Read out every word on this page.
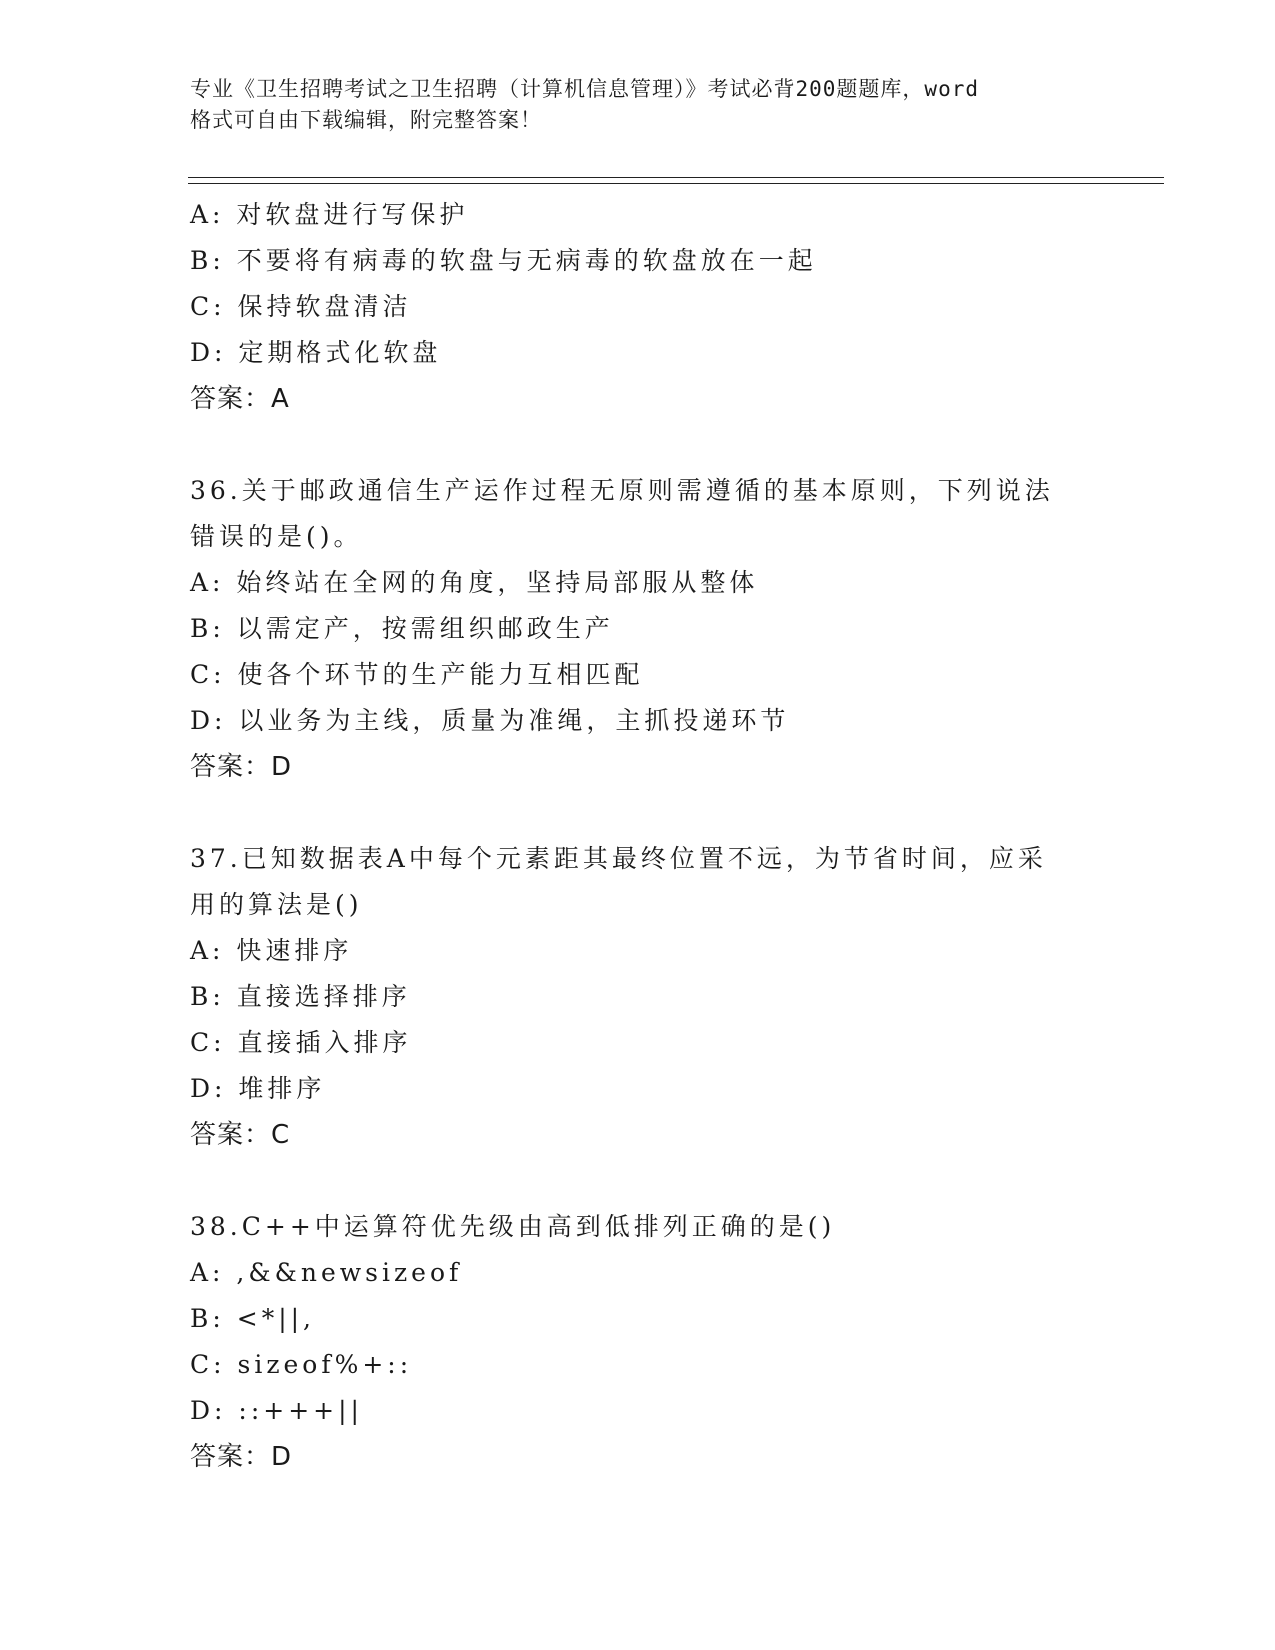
专业《卫生招聘考试之卫生招聘（计算机信息管理）》考试必背200题题库，word
格式可自由下载编辑，附完整答案！
A: 对软盘进行写保护
B: 不要将有病毒的软盘与无病毒的软盘放在一起
C: 保持软盘清洁
D: 定期格式化软盘
答案：A
36.关于邮政通信生产运作过程无原则需遵循的基本原则，下列说法错误的是()。
A: 始终站在全网的角度，坚持局部服从整体
B: 以需定产，按需组织邮政生产
C: 使各个环节的生产能力互相匹配
D: 以业务为主线，质量为准绳，主抓投递环节
答案：D
37.已知数据表A中每个元素距其最终位置不远，为节省时间，应采用的算法是()
A: 快速排序
B: 直接选择排序
C: 直接插入排序
D: 堆排序
答案：C
38.C++中运算符优先级由高到低排列正确的是()
A: ,&&newsizeof
B: <*||,
C: sizeof%+::
D: ::+++||
答案：D
